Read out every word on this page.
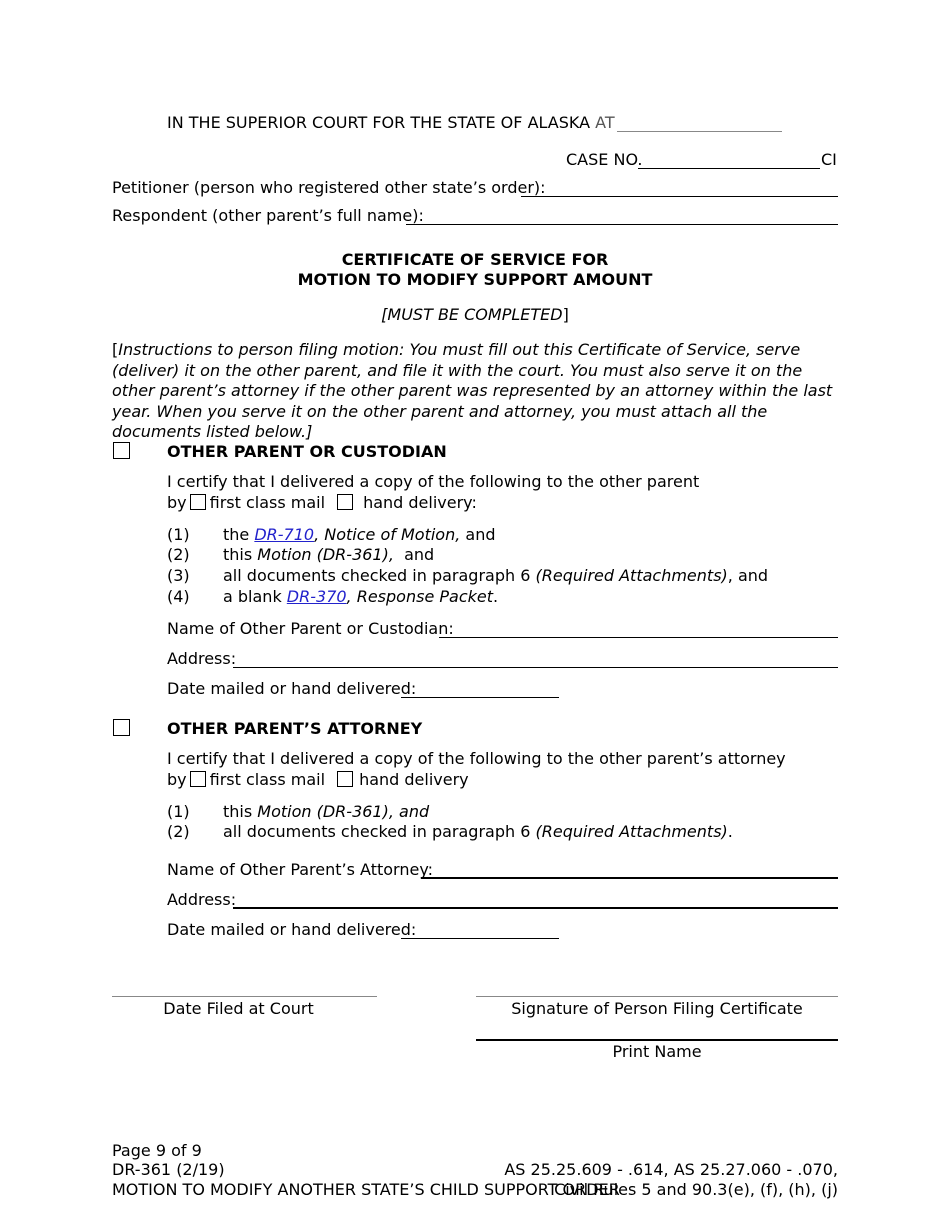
IN THE SUPERIOR COURT FOR THE STATE OF ALASKA AT
CASE NO.	CI
Petitioner (person who registered other state’s order):
Respondent (other parent’s full name):
CERTIFICATE OF SERVICE FOR
MOTION TO MODIFY SUPPORT AMOUNT
[MUST BE COMPLETED]
[Instructions to person filing motion: You must fill out this Certificate of Service, serve (deliver) it on the other parent, and file it with the court. You must also serve it on the other parent’s attorney if the other parent was represented by an attorney within the last year. When you serve it on the other parent and attorney, you must attach all the documents listed below.]
OTHER PARENT OR CUSTODIAN
I certify that I delivered a copy of the following to the other parent
by first class mail hand delivery:
(1) the DR-710, Notice of Motion, and
(2) this Motion (DR-361),  and
(3) all documents checked in paragraph 6 (Required Attachments), and
(4) a blank DR-370, Response Packet.
Name of Other Parent or Custodian:
Address:
Date mailed or hand delivered:
OTHER PARENT’S ATTORNEY
I certify that I delivered a copy of the following to the other parent’s attorney
by first class mail hand delivery
(1) this Motion (DR-361), and
(2) all documents checked in paragraph 6 (Required Attachments).
Name of Other Parent’s Attorney:
Address:
Date mailed or hand delivered:
Date Filed at Court	Signature of Person Filing Certificate
Print Name
Page 9 of 9
DR-361 (2/19)
MOTION TO MODIFY ANOTHER STATE’S CHILD SUPPORT ORDER
AS 25.25.609 - .614, AS 25.27.060 - .070,
Civil Rules 5 and 90.3(e), (f), (h), (j)
